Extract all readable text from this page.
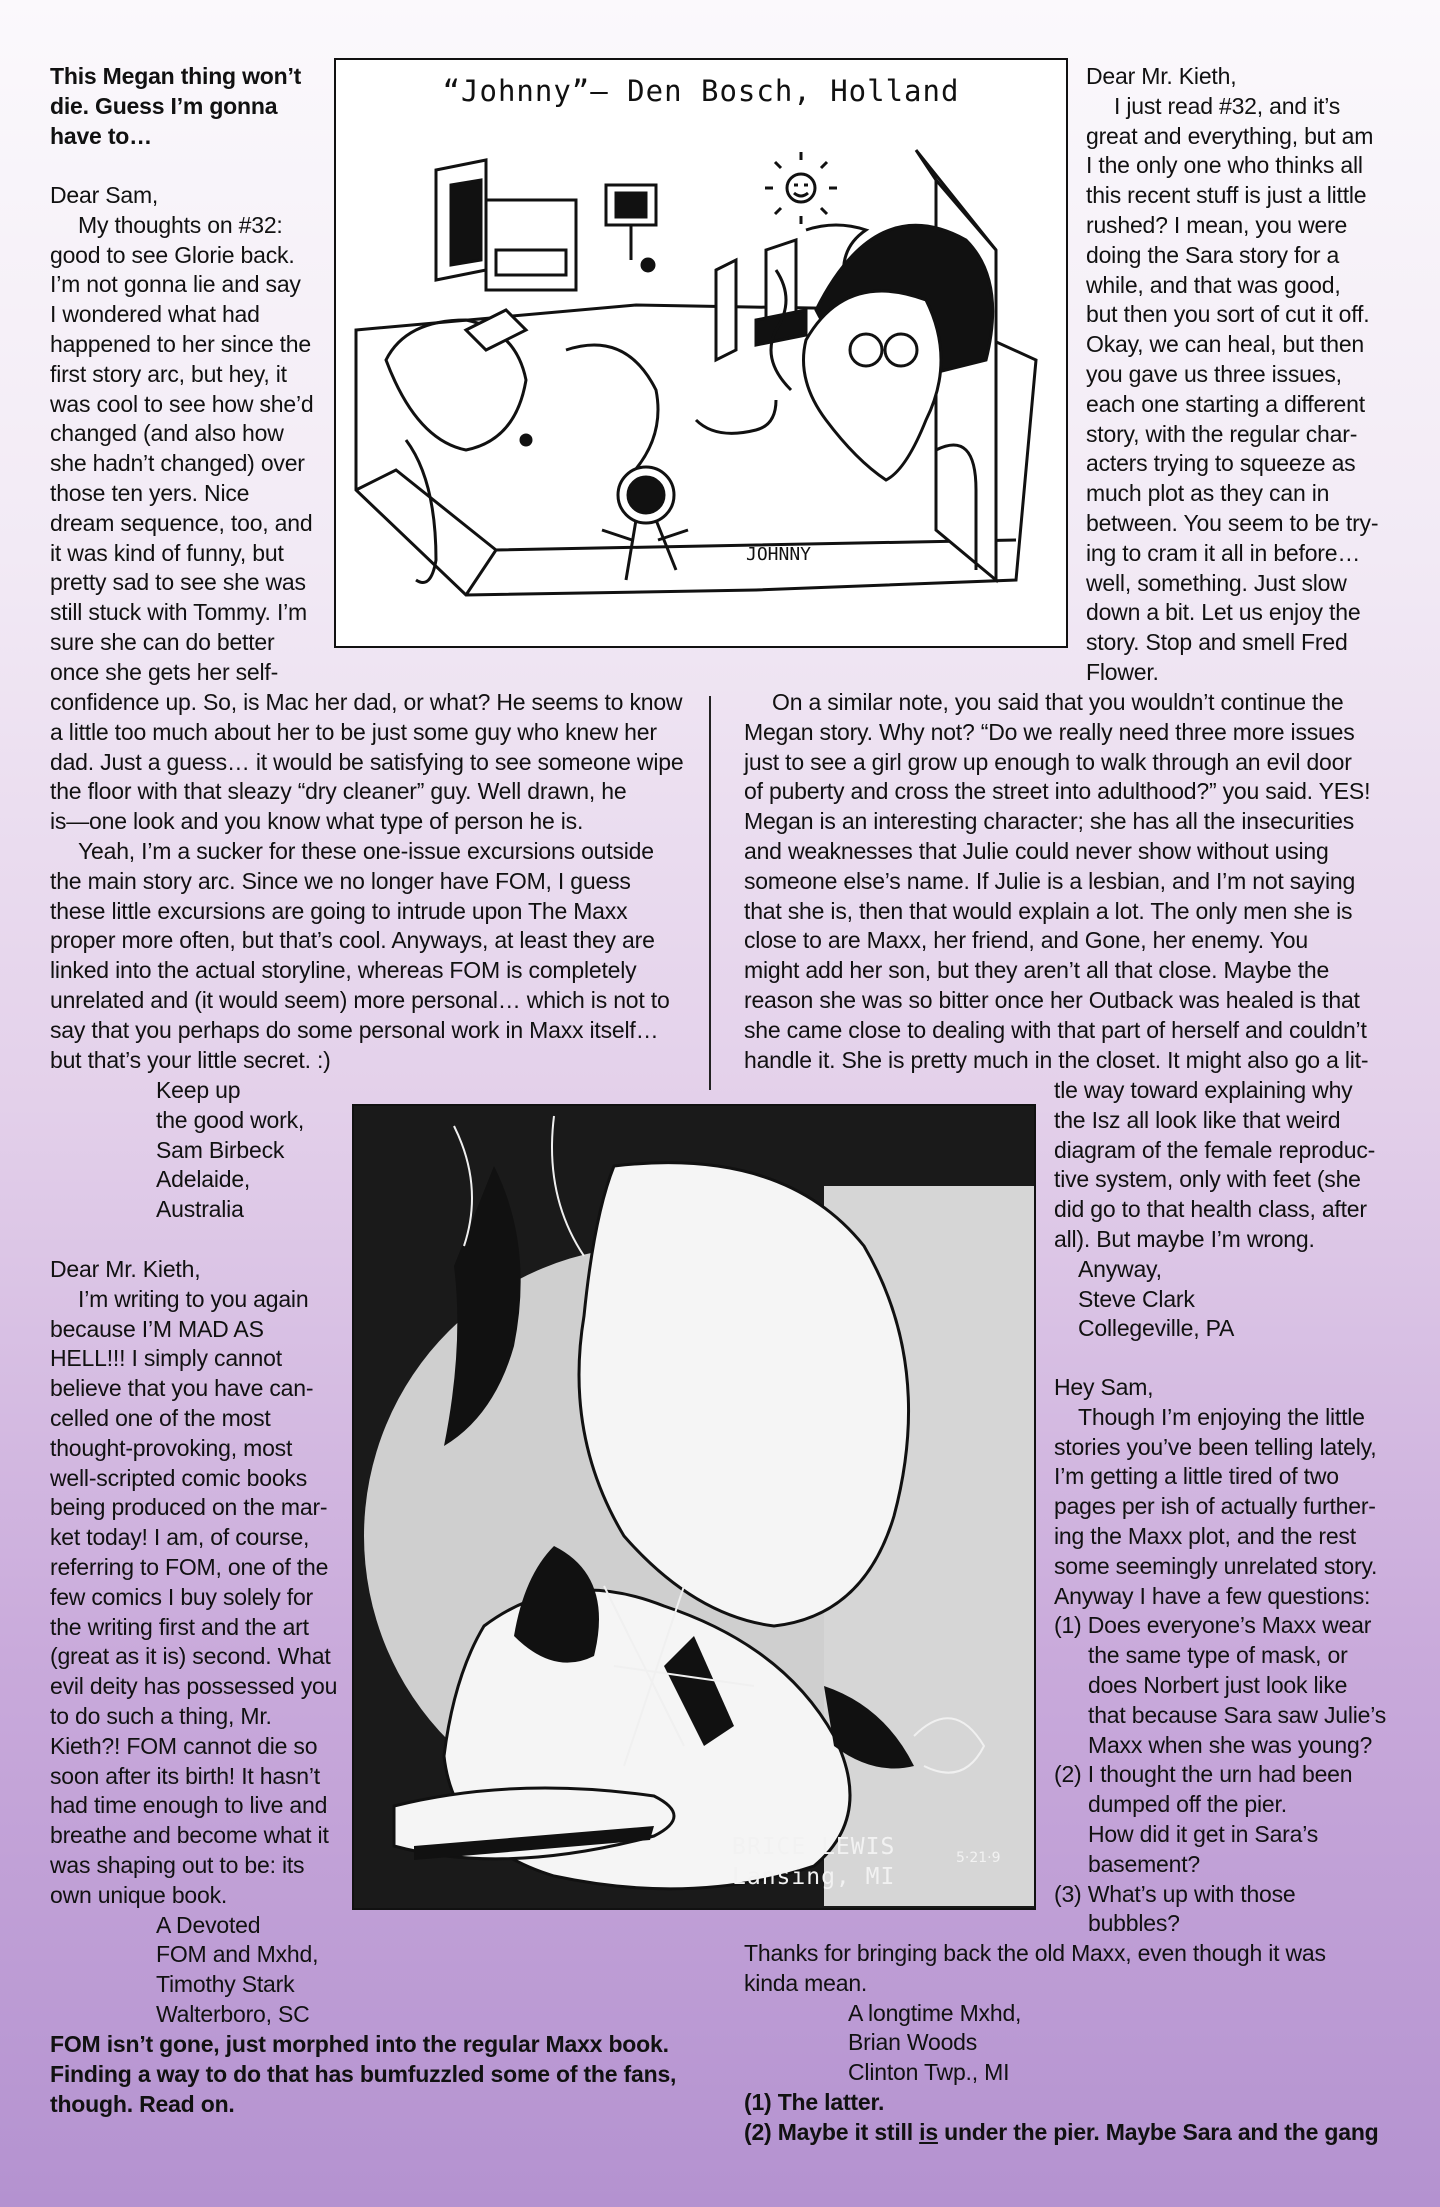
This Megan thing won’t
die. Guess I’m gonna
have to…
Dear Sam,
My thoughts on #32:
good to see Glorie back.
I’m not gonna lie and say
I wondered what had
happened to her since the
first story arc, but hey, it
was cool to see how she’d
changed (and also how
she hadn’t changed) over
those ten yers. Nice
dream sequence, too, and
it was kind of funny, but
pretty sad to see she was
still stuck with Tommy. I’m
sure she can do better
once she gets her self-
confidence up. So, is Mac her dad, or what? He seems to know
a little too much about her to be just some guy who knew her
dad. Just a guess… it would be satisfying to see someone wipe
the floor with that sleazy “dry cleaner” guy. Well drawn, he
is—one look and you know what type of person he is.
Yeah, I’m a sucker for these one-issue excursions outside
the main story arc. Since we no longer have FOM, I guess
these little excursions are going to intrude upon The Maxx
proper more often, but that’s cool. Anyways, at least they are
linked into the actual storyline, whereas FOM is completely
unrelated and (it would seem) more personal… which is not to
say that you perhaps do some personal work in Maxx itself…
but that’s your little secret. :)
Keep up
the good work,
Sam Birbeck
Adelaide,
Australia
Dear Mr. Kieth,
I’m writing to you again
because I’M MAD AS
HELL!!! I simply cannot
believe that you have can-
celled one of the most
thought-provoking, most
well-scripted comic books
being produced on the mar-
ket today! I am, of course,
referring to FOM, one of the
few comics I buy solely for
the writing first and the art
(great as it is) second. What
evil deity has possessed you
to do such a thing, Mr.
Kieth?! FOM cannot die so
soon after its birth! It hasn’t
had time enough to live and
breathe and become what it
was shaping out to be: its
own unique book.
A Devoted
FOM and Mxhd,
Timothy Stark
Walterboro, SC
FOM isn’t gone, just morphed into the regular Maxx book.
Finding a way to do that has bumfuzzled some of the fans,
though. Read on.
Dear Mr. Kieth,
I just read #32, and it’s
great and everything, but am
I the only one who thinks all
this recent stuff is just a little
rushed? I mean, you were
doing the Sara story for a
while, and that was good,
but then you sort of cut it off.
Okay, we can heal, but then
you gave us three issues,
each one starting a different
story, with the regular char-
acters trying to squeeze as
much plot as they can in
between. You seem to be try-
ing to cram it all in before…
well, something. Just slow
down a bit. Let us enjoy the
story. Stop and smell Fred
Flower.
On a similar note, you said that you wouldn’t continue the
Megan story. Why not? “Do we really need three more issues
just to see a girl grow up enough to walk through an evil door
of puberty and cross the street into adulthood?” you said. YES!
Megan is an interesting character; she has all the insecurities
and weaknesses that Julie could never show without using
someone else’s name. If Julie is a lesbian, and I’m not saying
that she is, then that would explain a lot. The only men she is
close to are Maxx, her friend, and Gone, her enemy. You
might add her son, but they aren’t all that close. Maybe the
reason she was so bitter once her Outback was healed is that
she came close to dealing with that part of herself and couldn’t
handle it. She is pretty much in the closet. It might also go a lit-
tle way toward explaining why
the Isz all look like that weird
diagram of the female reproduc-
tive system, only with feet (she
did go to that health class, after
all). But maybe I’m wrong.
Anyway,
Steve Clark
Collegeville, PA
Hey Sam,
Though I’m enjoying the little
stories you’ve been telling lately,
I’m getting a little tired of two
pages per ish of actually further-
ing the Maxx plot, and the rest
some seemingly unrelated story.
Anyway I have a few questions:
(1) Does everyone’s Maxx wear
the same type of mask, or
does Norbert just look like
that because Sara saw Julie’s
Maxx when she was young?
(2) I thought the urn had been
dumped off the pier.
How did it get in Sara’s
basement?
(3) What’s up with those
bubbles?
Thanks for bringing back the old Maxx, even though it was
kinda mean.
A longtime Mxhd,
Brian Woods
Clinton Twp., MI
(1) The latter.
(2) Maybe it still is under the pier. Maybe Sara and the gang
“Johnny”– Den Bosch, Holland
JOHNNY
BRICE LEWIS
Lansing, MI
5·21·9
